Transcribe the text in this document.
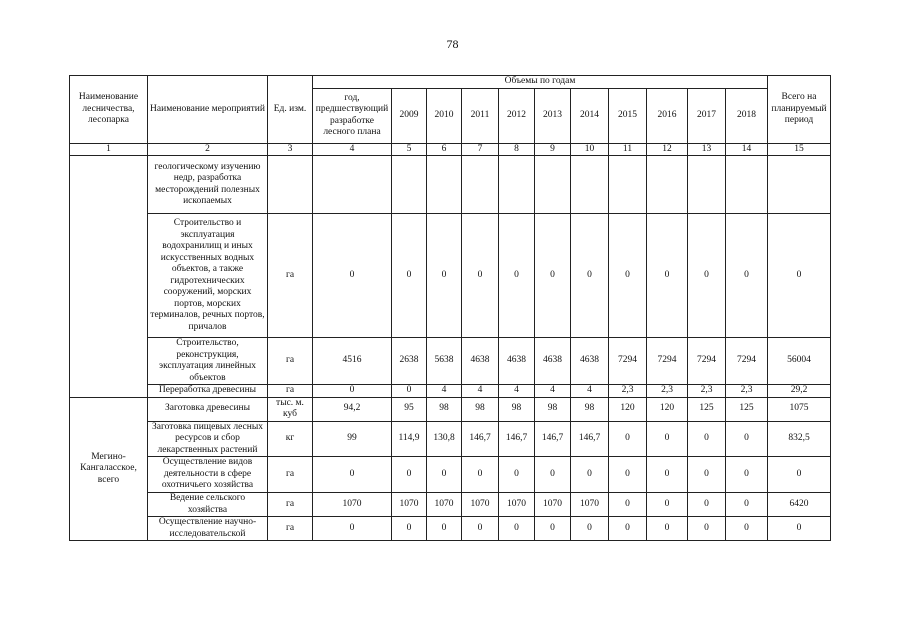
78
Наименование лесничества, лесопарка	Наименование мероприятий	Ед. изм.	Объемы по годам											Всего на планируемый период
			год, предшествующий разработке лесного плана	2009	2010	2011	2012	2013	2014	2015	2016	2017	2018	
1	2	3	4	5	6	7	8	9	10	11	12	13	14	15
	геологическому изучению недр, разработка месторождений полезных ископаемых													
	Строительство и эксплуатация водохранилищ и иных искусственных водных объектов, а также гидротехнических сооружений, морских портов, морских терминалов, речных портов, причалов	га	0	0	0	0	0	0	0	0	0	0	0	0
	Строительство, реконструкция, эксплуатация линейных объектов	га	4516	2638	5638	4638	4638	4638	4638	7294	7294	7294	7294	56004
	Переработка древесины	га	0	0	4	4	4	4	4	2,3	2,3	2,3	2,3	29,2
Мегино-Кангаласское, всего	Заготовка древесины	тыс. м. куб	94,2	95	98	98	98	98	98	120	120	125	125	1075
	Заготовка пищевых лесных ресурсов и сбор лекарственных растений	кг	99	114,9	130,8	146,7	146,7	146,7	146,7	0	0	0	0	832,5
	Осуществление видов деятельности в сфере охотничьего хозяйства	га	0	0	0	0	0	0	0	0	0	0	0	0
	Ведение сельского хозяйства	га	1070	1070	1070	1070	1070	1070	1070	0	0	0	0	6420
	Осуществление научно-исследовательской	га	0	0	0	0	0	0	0	0	0	0	0	0
